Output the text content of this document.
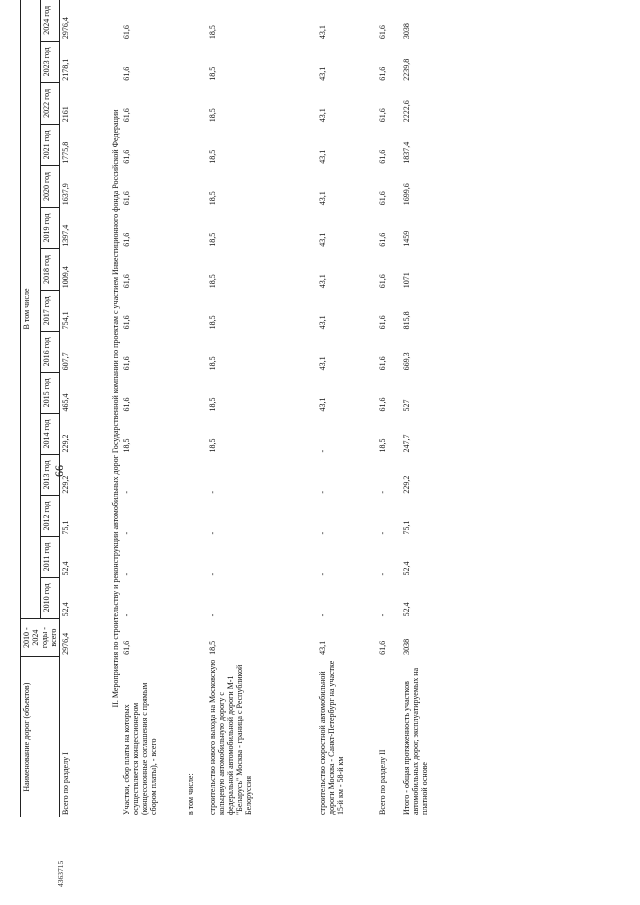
66
4363715
Наименование дорог (объектов)	2010 - 2024 годы - всего	В том числе														
		2010 год	2011 год	2012 год	2013 год	2014 год	2015 год	2016 год	2017 год	2018 год	2019 год	2020 год	2021 год	2022 год	2023 год	2024 год
Всего по разделу I	2976,4	52,4	52,4	75,1	229,2	229,2	465,4	607,7	754,1	1009,4	1397,4	1637,9	1775,8	2161	2178,1	2976,4
II. Мероприятия по строительству и реконструкции автомобильных дорог Государственной компании по проектам с участием Инвестиционного фонда Российской Федерации																
Участки, сбор платы на которых осуществляется концессионером (концессионные соглашения с прямым сбором платы), - всего	61,6	-	-	-	-	18,5	61,6	61,6	61,6	61,6	61,6	61,6	61,6	61,6	61,6	61,6
в том числе:																
строительство нового выхода на Московскую кольцевую автомобильную дорогу с федеральной автомобильной дороги М-1 "Беларусь" Москва - граница с Республикой Белоруссия	18,5	-	-	-	-	18,5	18,5	18,5	18,5	18,5	18,5	18,5	18,5	18,5	18,5	18,5
строительство скоростной автомобильной дороги Москва - Санкт-Петербург на участке 15-й км - 58-й км	43,1	-	-	-	-	-	43,1	43,1	43,1	43,1	43,1	43,1	43,1	43,1	43,1	43,1
Всего по разделу II	61,6	-	-	-	-	18,5	61,6	61,6	61,6	61,6	61,6	61,6	61,6	61,6	61,6	61,6
Итого - общая протяженность участков автомобильных дорог, эксплуатируемых на платной основе	3038	52,4	52,4	75,1	229,2	247,7	527	669,3	815,8	1071	1459	1699,6	1837,4	2222,6	2239,8	3038
